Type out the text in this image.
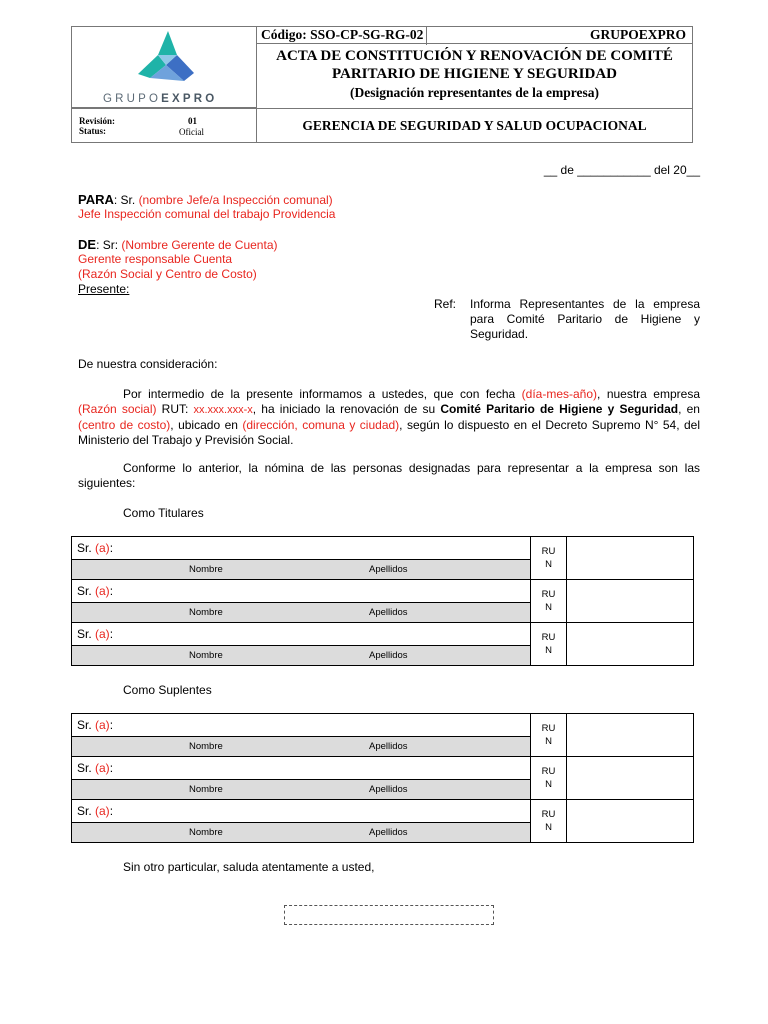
GRUPOEXPRO
Código: SSO-CP-SG-RG-02	GRUPOEXPRO
ACTA DE CONSTITUCIÓN Y RENOVACIÓN DE COMITÉ
PARITARIO DE HIGIENE Y SEGURIDAD
(Designación representantes de la empresa)
Revisión:	01
Status:	Oficial	GERENCIA DE SEGURIDAD Y SALUD OCUPACIONAL
__ de ___________ del 20__
PARA: Sr. (nombre Jefe/a Inspección comunal)
Jefe Inspección comunal del trabajo Providencia
DE: Sr: (Nombre Gerente de Cuenta)
Gerente responsable Cuenta
(Razón Social y Centro de Costo)
Presente:
Ref: Informa Representantes de la empresa para Comité Paritario de Higiene y Seguridad.
De nuestra consideración:
Por intermedio de la presente informamos a ustedes, que con fecha (día-mes-año), nuestra empresa (Razón social) RUT: xx.xxx.xxx-x, ha iniciado la renovación de su Comité Paritario de Higiene y Seguridad, en (centro de costo), ubicado en (dirección, comuna y ciudad), según lo dispuesto en el Decreto Supremo N° 54, del Ministerio del Trabajo y Previsión Social.
Conforme lo anterior, la nómina de las personas designadas para representar a la empresa son las siguientes:
Como Titulares
Sr. (a):	RU
N	

Nombre Apellidos		

Sr. (a):	RU
N	

Nombre Apellidos		

Sr. (a):	RU
N	

Nombre Apellidos		
Como Suplentes
Sr. (a):	RU
N	

Nombre Apellidos		

Sr. (a):	RU
N	

Nombre Apellidos		

Sr. (a):	RU
N	

Nombre Apellidos		
Sin otro particular, saluda atentamente a usted,
